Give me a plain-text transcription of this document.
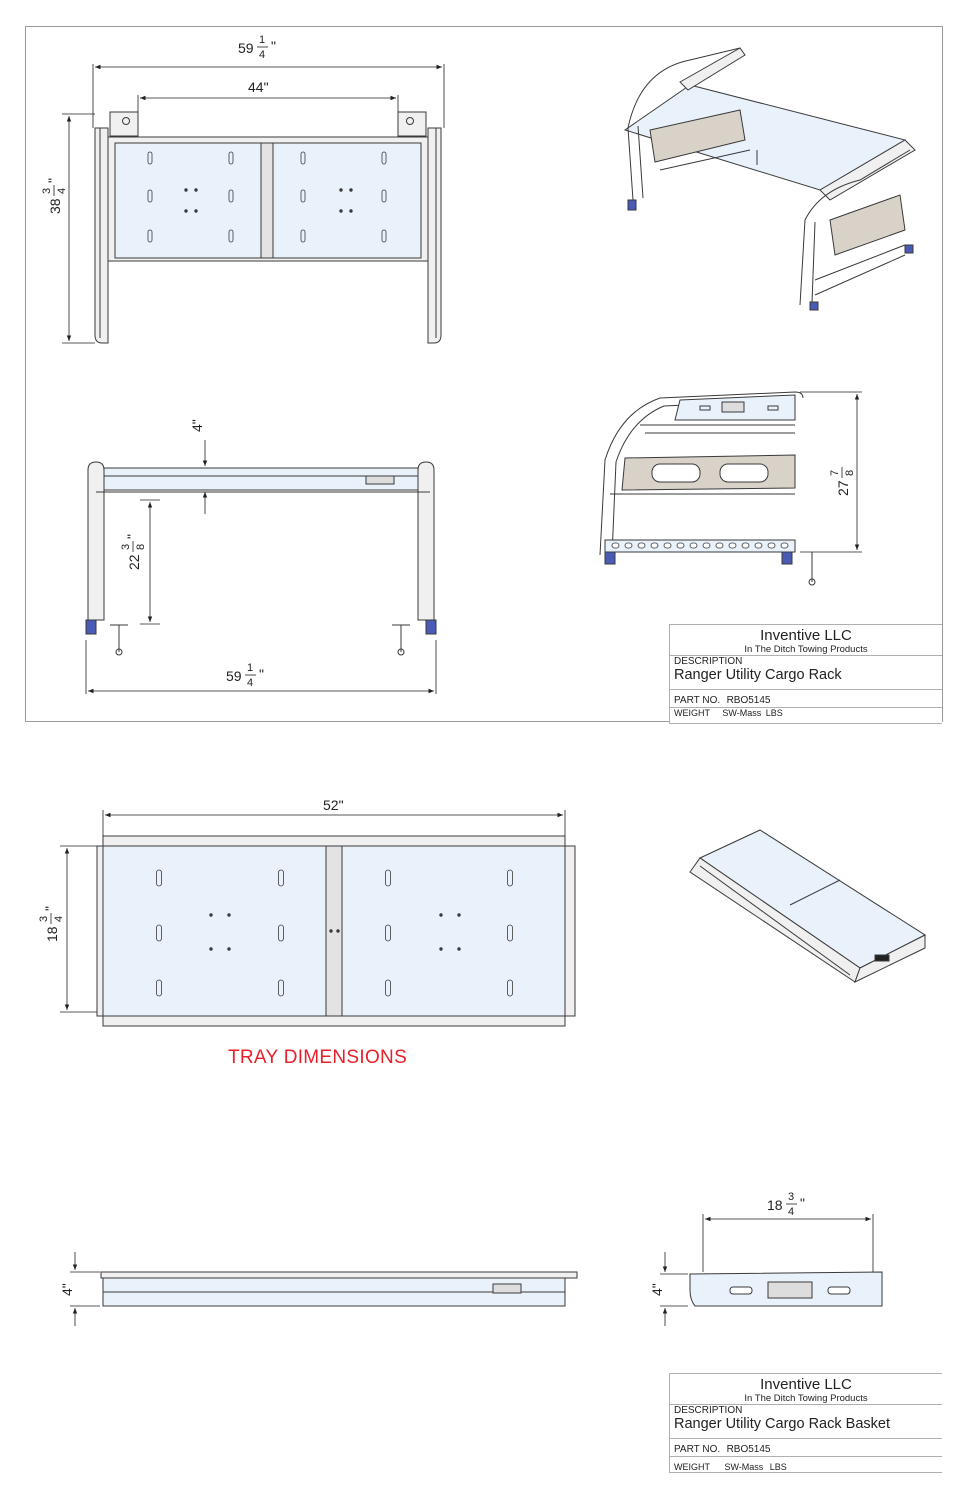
59 1
4
"
44"
38
3 4
"
4"
22
3 8
"
59 1
4
"
27
7 8
52"
18
3 4
"
4"
18 3
4
"
4"
Inventive LLC
In The Ditch Towing Products
DESCRIPTION
Ranger Utility Cargo Rack
PART NO. RBO5145
WEIGHT SW-Mass LBS
TRAY DIMENSIONS
Inventive LLC
In The Ditch Towing Products
DESCRIPTION
Ranger Utility Cargo Rack Basket
PART NO. RBO5145
WEIGHT SW-Mass LBS
